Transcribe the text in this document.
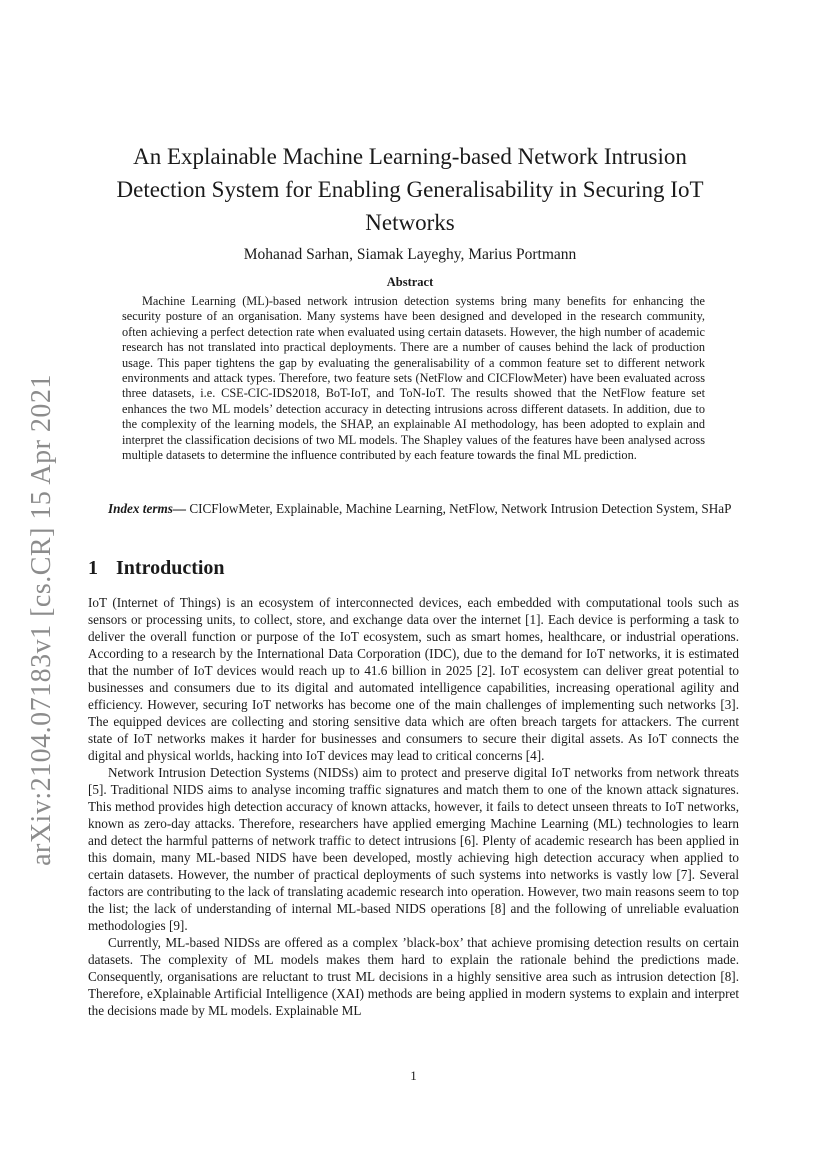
arXiv:2104.07183v1 [cs.CR] 15 Apr 2021
An Explainable Machine Learning-based Network Intrusion Detection System for Enabling Generalisability in Securing IoT Networks
Mohanad Sarhan, Siamak Layeghy, Marius Portmann
Abstract

Machine Learning (ML)-based network intrusion detection systems bring many benefits for enhancing the security posture of an organisation. Many systems have been designed and developed in the research community, often achieving a perfect detection rate when evaluated using certain datasets. However, the high number of academic research has not translated into practical deployments. There are a number of causes behind the lack of production usage. This paper tightens the gap by evaluating the generalisability of a common feature set to different network environments and attack types. Therefore, two feature sets (NetFlow and CICFlowMeter) have been evaluated across three datasets, i.e. CSE-CIC-IDS2018, BoT-IoT, and ToN-IoT. The results showed that the NetFlow feature set enhances the two ML models’ detection accuracy in detecting intrusions across different datasets. In addition, due to the complexity of the learning models, the SHAP, an explainable AI methodology, has been adopted to explain and interpret the classification decisions of two ML models. The Shapley values of the features have been analysed across multiple datasets to determine the influence contributed by each feature towards the final ML prediction.

Index terms— CICFlowMeter, Explainable, Machine Learning, NetFlow, Network Intrusion Detection System, SHaP

1 Introduction

IoT (Internet of Things) is an ecosystem of interconnected devices, each embedded with computational tools such as sensors or processing units, to collect, store, and exchange data over the internet [1]. Each device is performing a task to deliver the overall function or purpose of the IoT ecosystem, such as smart homes, healthcare, or industrial operations. According to a research by the International Data Corporation (IDC), due to the demand for IoT networks, it is estimated that the number of IoT devices would reach up to 41.6 billion in 2025 [2]. IoT ecosystem can deliver great potential to businesses and consumers due to its digital and automated intelligence capabilities, increasing operational agility and efficiency. However, securing IoT networks has become one of the main challenges of implementing such networks [3]. The equipped devices are collecting and storing sensitive data which are often breach targets for attackers. The current state of IoT networks makes it harder for businesses and consumers to secure their digital assets. As IoT connects the digital and physical worlds, hacking into IoT devices may lead to critical concerns [4].

Network Intrusion Detection Systems (NIDSs) aim to protect and preserve digital IoT networks from network threats [5]. Traditional NIDS aims to analyse incoming traffic signatures and match them to one of the known attack signatures. This method provides high detection accuracy of known attacks, however, it fails to detect unseen threats to IoT networks, known as zero-day attacks. Therefore, researchers have applied emerging Machine Learning (ML) technologies to learn and detect the harmful patterns of network traffic to detect intrusions [6]. Plenty of academic research has been applied in this domain, many ML-based NIDS have been developed, mostly achieving high detection accuracy when applied to certain datasets. However, the number of practical deployments of such systems into networks is vastly low [7]. Several factors are contributing to the lack of translating academic research into operation. However, two main reasons seem to top the list; the lack of understanding of internal ML-based NIDS operations [8] and the following of unreliable evaluation methodologies [9].

Currently, ML-based NIDSs are offered as a complex ’black-box’ that achieve promising detection results on certain datasets. The complexity of ML models makes them hard to explain the rationale behind the predictions made. Consequently, organisations are reluctant to trust ML decisions in a highly sensitive area such as intrusion detection [8]. Therefore, eXplainable Artificial Intelligence (XAI) methods are being applied in modern systems to explain and interpret the decisions made by ML models. Explainable ML

1
